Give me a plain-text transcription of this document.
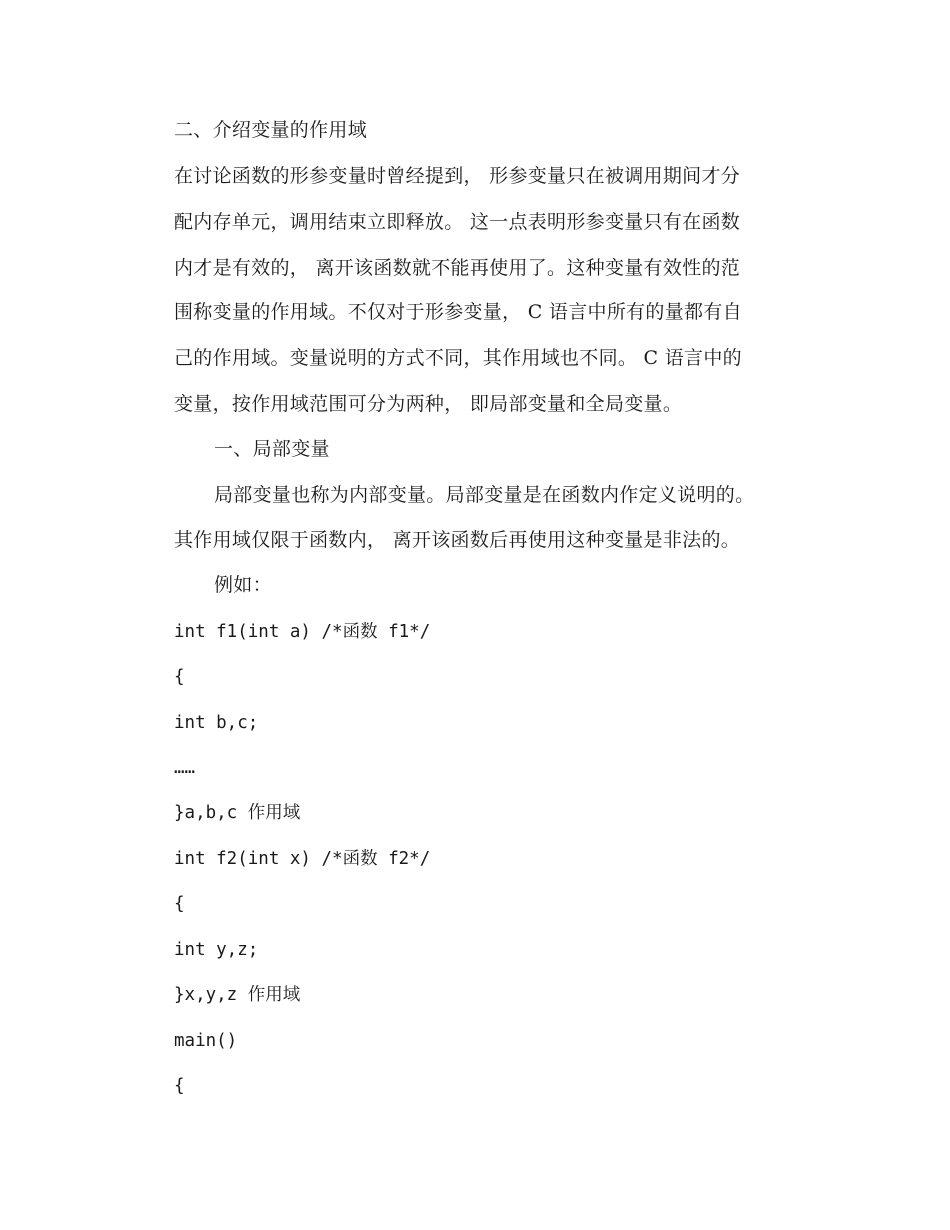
二、介绍变量的作用域
在讨论函数的形参变量时曾经提到， 形参变量只在被调用期间才分
配内存单元，调用结束立即释放。 这一点表明形参变量只有在函数
内才是有效的， 离开该函数就不能再使用了。这种变量有效性的范
围称变量的作用域。不仅对于形参变量， C 语言中所有的量都有自
己的作用域。变量说明的方式不同，其作用域也不同。 C 语言中的
变量，按作用域范围可分为两种， 即局部变量和全局变量。
一、局部变量
局部变量也称为内部变量。局部变量是在函数内作定义说明的。
其作用域仅限于函数内， 离开该函数后再使用这种变量是非法的。
例如：
int f1(int a) /*函数 f1*/
{
int b,c;
……
}a,b,c 作用域
int f2(int x) /*函数 f2*/
{
int y,z;
}x,y,z 作用域
main()
{
